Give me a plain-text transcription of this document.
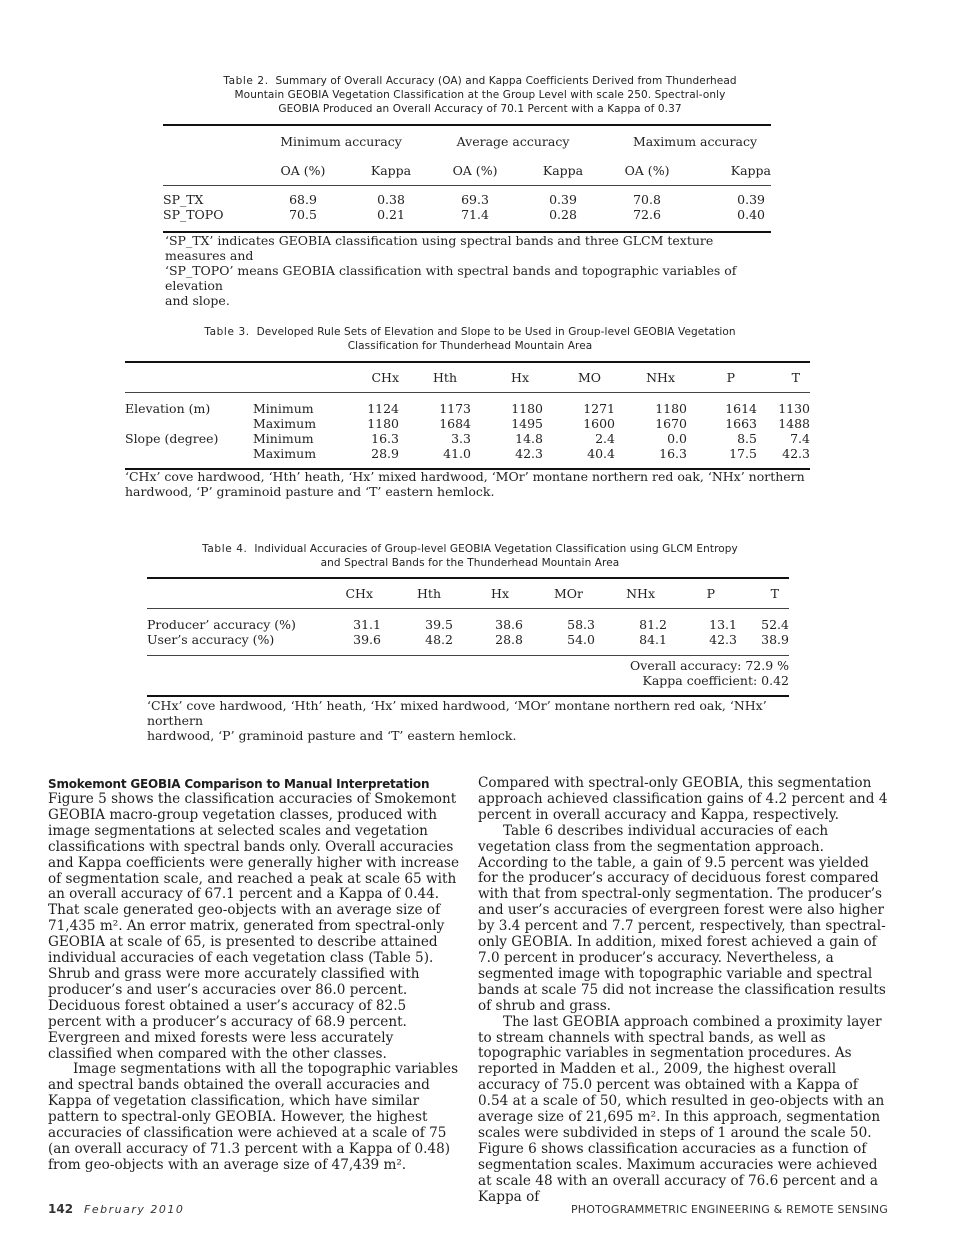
Table 2. Summary of Overall Accuracy (OA) and Kappa Coefficients Derived from Thunderhead
Mountain GEOBIA Vegetation Classification at the Group Level with scale 250. Spectral-only
GEOBIA Produced an Overall Accuracy of 70.1 Percent with a Kappa of 0.37
	Minimum accuracy		Average accuracy		Maximum accuracy	
	OA (%)	Kappa	OA (%)	Kappa	OA (%)	Kappa
SP_TX	68.9	0.38	69.3	0.39	70.8	0.39
SP_TOPO	70.5	0.21	71.4	0.28	72.6	0.40

‘SP_TX’ indicates GEOBIA classification using spectral bands and three GLCM texture measures and
‘SP_TOPO’ means GEOBIA classification with spectral bands and topographic variables of elevation
and slope.
Table 3. Developed Rule Sets of Elevation and Slope to be Used in Group-level GEOBIA Vegetation
Classification for Thunderhead Mountain Area
		CHx	Hth	Hx	MO	NHx	P	T
Elevation (m)	Minimum	1124	1173	1180	1271	1180	1614	1130
	Maximum	1180	1684	1495	1600	1670	1663	1488
Slope (degree)	Minimum	16.3	3.3	14.8	2.4	0.0	8.5	7.4
	Maximum	28.9	41.0	42.3	40.4	16.3	17.5	42.3

‘CHx’ cove hardwood, ‘Hth’ heath, ‘Hx’ mixed hardwood, ‘MOr’ montane northern red oak, ‘NHx’ northern
hardwood, ‘P’ graminoid pasture and ‘T’ eastern hemlock.
Table 4. Individual Accuracies of Group-level GEOBIA Vegetation Classification using GLCM Entropy
and Spectral Bands for the Thunderhead Mountain Area
	CHx	Hth	Hx	MOr	NHx	P	T
Producer’ accuracy (%)	31.1	39.5	38.6	58.3	81.2	13.1	52.4
User’s accuracy (%)	39.6	48.2	28.8	54.0	84.1	42.3	38.9

Overall accuracy: 72.9 %							
Kappa coefficient: 0.42							

‘CHx’ cove hardwood, ‘Hth’ heath, ‘Hx’ mixed hardwood, ‘MOr’ montane northern red oak, ‘NHx’ northern
hardwood, ‘P’ graminoid pasture and ‘T’ eastern hemlock.
Smokemont GEOBIA Comparison to Manual Interpretation

Figure 5 shows the classification accuracies of Smokemont GEOBIA macro-group vegetation classes, produced with image segmentations at selected scales and vegetation classifications with spectral bands only. Overall accuracies and Kappa coefficients were generally higher with increase of segmentation scale, and reached a peak at scale 65 with an overall accuracy of 67.1 percent and a Kappa of 0.44. That scale generated geo-objects with an average size of 71,435 m². An error matrix, generated from spectral-only GEOBIA at scale of 65, is presented to describe attained individual accuracies of each vegetation class (Table 5). Shrub and grass were more accurately classified with producer’s and user’s accuracies over 86.0 percent. Deciduous forest obtained a user’s accuracy of 82.5 percent with a producer’s accuracy of 68.9 percent. Evergreen and mixed forests were less accurately classified when compared with the other classes.

Image segmentations with all the topographic variables and spectral bands obtained the overall accuracies and Kappa of vegetation classification, which have similar pattern to spectral-only GEOBIA. However, the highest accuracies of classification were achieved at a scale of 75 (an overall accuracy of 71.3 percent with a Kappa of 0.48) from geo-objects with an average size of 47,439 m².

Compared with spectral-only GEOBIA, this segmentation approach achieved classification gains of 4.2 percent and 4 percent in overall accuracy and Kappa, respectively.

Table 6 describes individual accuracies of each vegetation class from the segmentation approach. According to the table, a gain of 9.5 percent was yielded for the producer’s accuracy of deciduous forest compared with that from spectral-only segmentation. The producer’s and user’s accuracies of evergreen forest were also higher by 3.4 percent and 7.7 percent, respectively, than spectral-only GEOBIA. In addition, mixed forest achieved a gain of 7.0 percent in producer’s accuracy. Nevertheless, a segmented image with topographic variable and spectral bands at scale 75 did not increase the classification results of shrub and grass.

The last GEOBIA approach combined a proximity layer to stream channels with spectral bands, as well as topographic variables in segmentation procedures. As reported in Madden et al., 2009, the highest overall accuracy of 75.0 percent was obtained with a Kappa of 0.54 at a scale of 50, which resulted in geo-objects with an average size of 21,695 m². In this approach, segmentation scales were subdivided in steps of 1 around the scale 50. Figure 6 shows classification accuracies as a function of segmentation scales. Maximum accuracies were achieved at scale 48 with an overall accuracy of 76.6 percent and a Kappa of

142 February 2010	PHOTOGRAMMETRIC ENGINEERING & REMOTE SENSING
